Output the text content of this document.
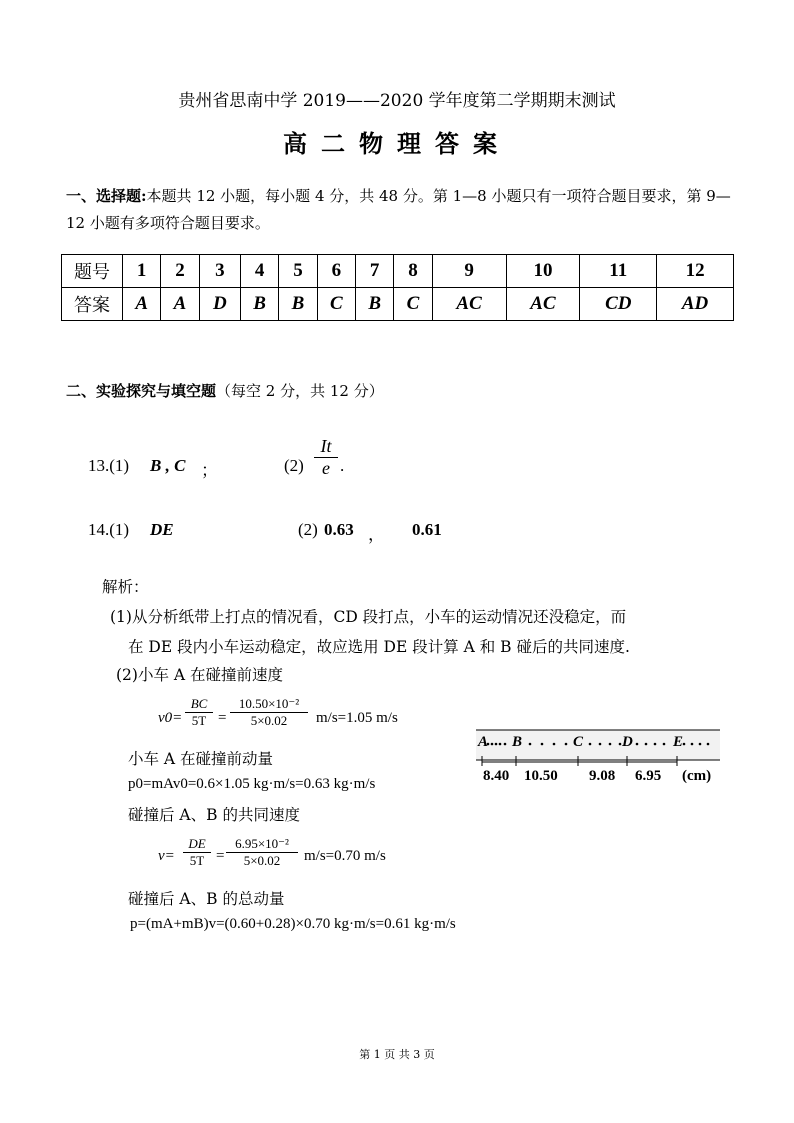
贵州省思南中学 2019——2020 学年度第二学期期末测试
高二物理答案
一、选择题:本题共 12 小题，每小题 4 分，共 48 分。第 1—8 小题只有一项符合题目要求，第 9—12 小题有多项符合题目要求。
题号	1	2	3	4	5	6	7	8	9	10	11	12
答案	A	A	D	B	B	C	B	C	AC	AC	CD	AD
二、实验探究与填空题（每空 2 分，共 12 分）
13.(1) B , C ；	$(2) \frac{It}{e}$ .
14.(1) DE	(2) 0.63 ， 0.61
解析：
(1)从分析纸带上打点的情况看，CD 段打点，小车的运动情况还没稳定，而
在 DE 段内小车运动稳定，故应选用 DE 段计算 A 和 B 碰后的共同速度.
(2)小车 A 在碰撞前速度
$v0= \frac{BC}{5T} = \frac{\text{10.50×10⁻²}}{5\times 0.02} m/s=1.05$ m/s
小车 A 在碰撞前动量
p0=mAv0=0.6×1.05 kg·m/s=0.63 kg·m/s
碰撞后 A、B 的共同速度
$v= \frac{DE}{5T} = \frac{\text{6.95×10⁻²}}{5\times 0.02} m/s=0.70$ m/s
碰撞后 A、B 的总动量
p=(mA+mB)v=(0.60+0.28)×0.70 kg·m/s=0.61 kg·m/s
A B	C	D	E
8.40 10.50 9.08 6.95 (cm)
第 1 页 共 3 页
